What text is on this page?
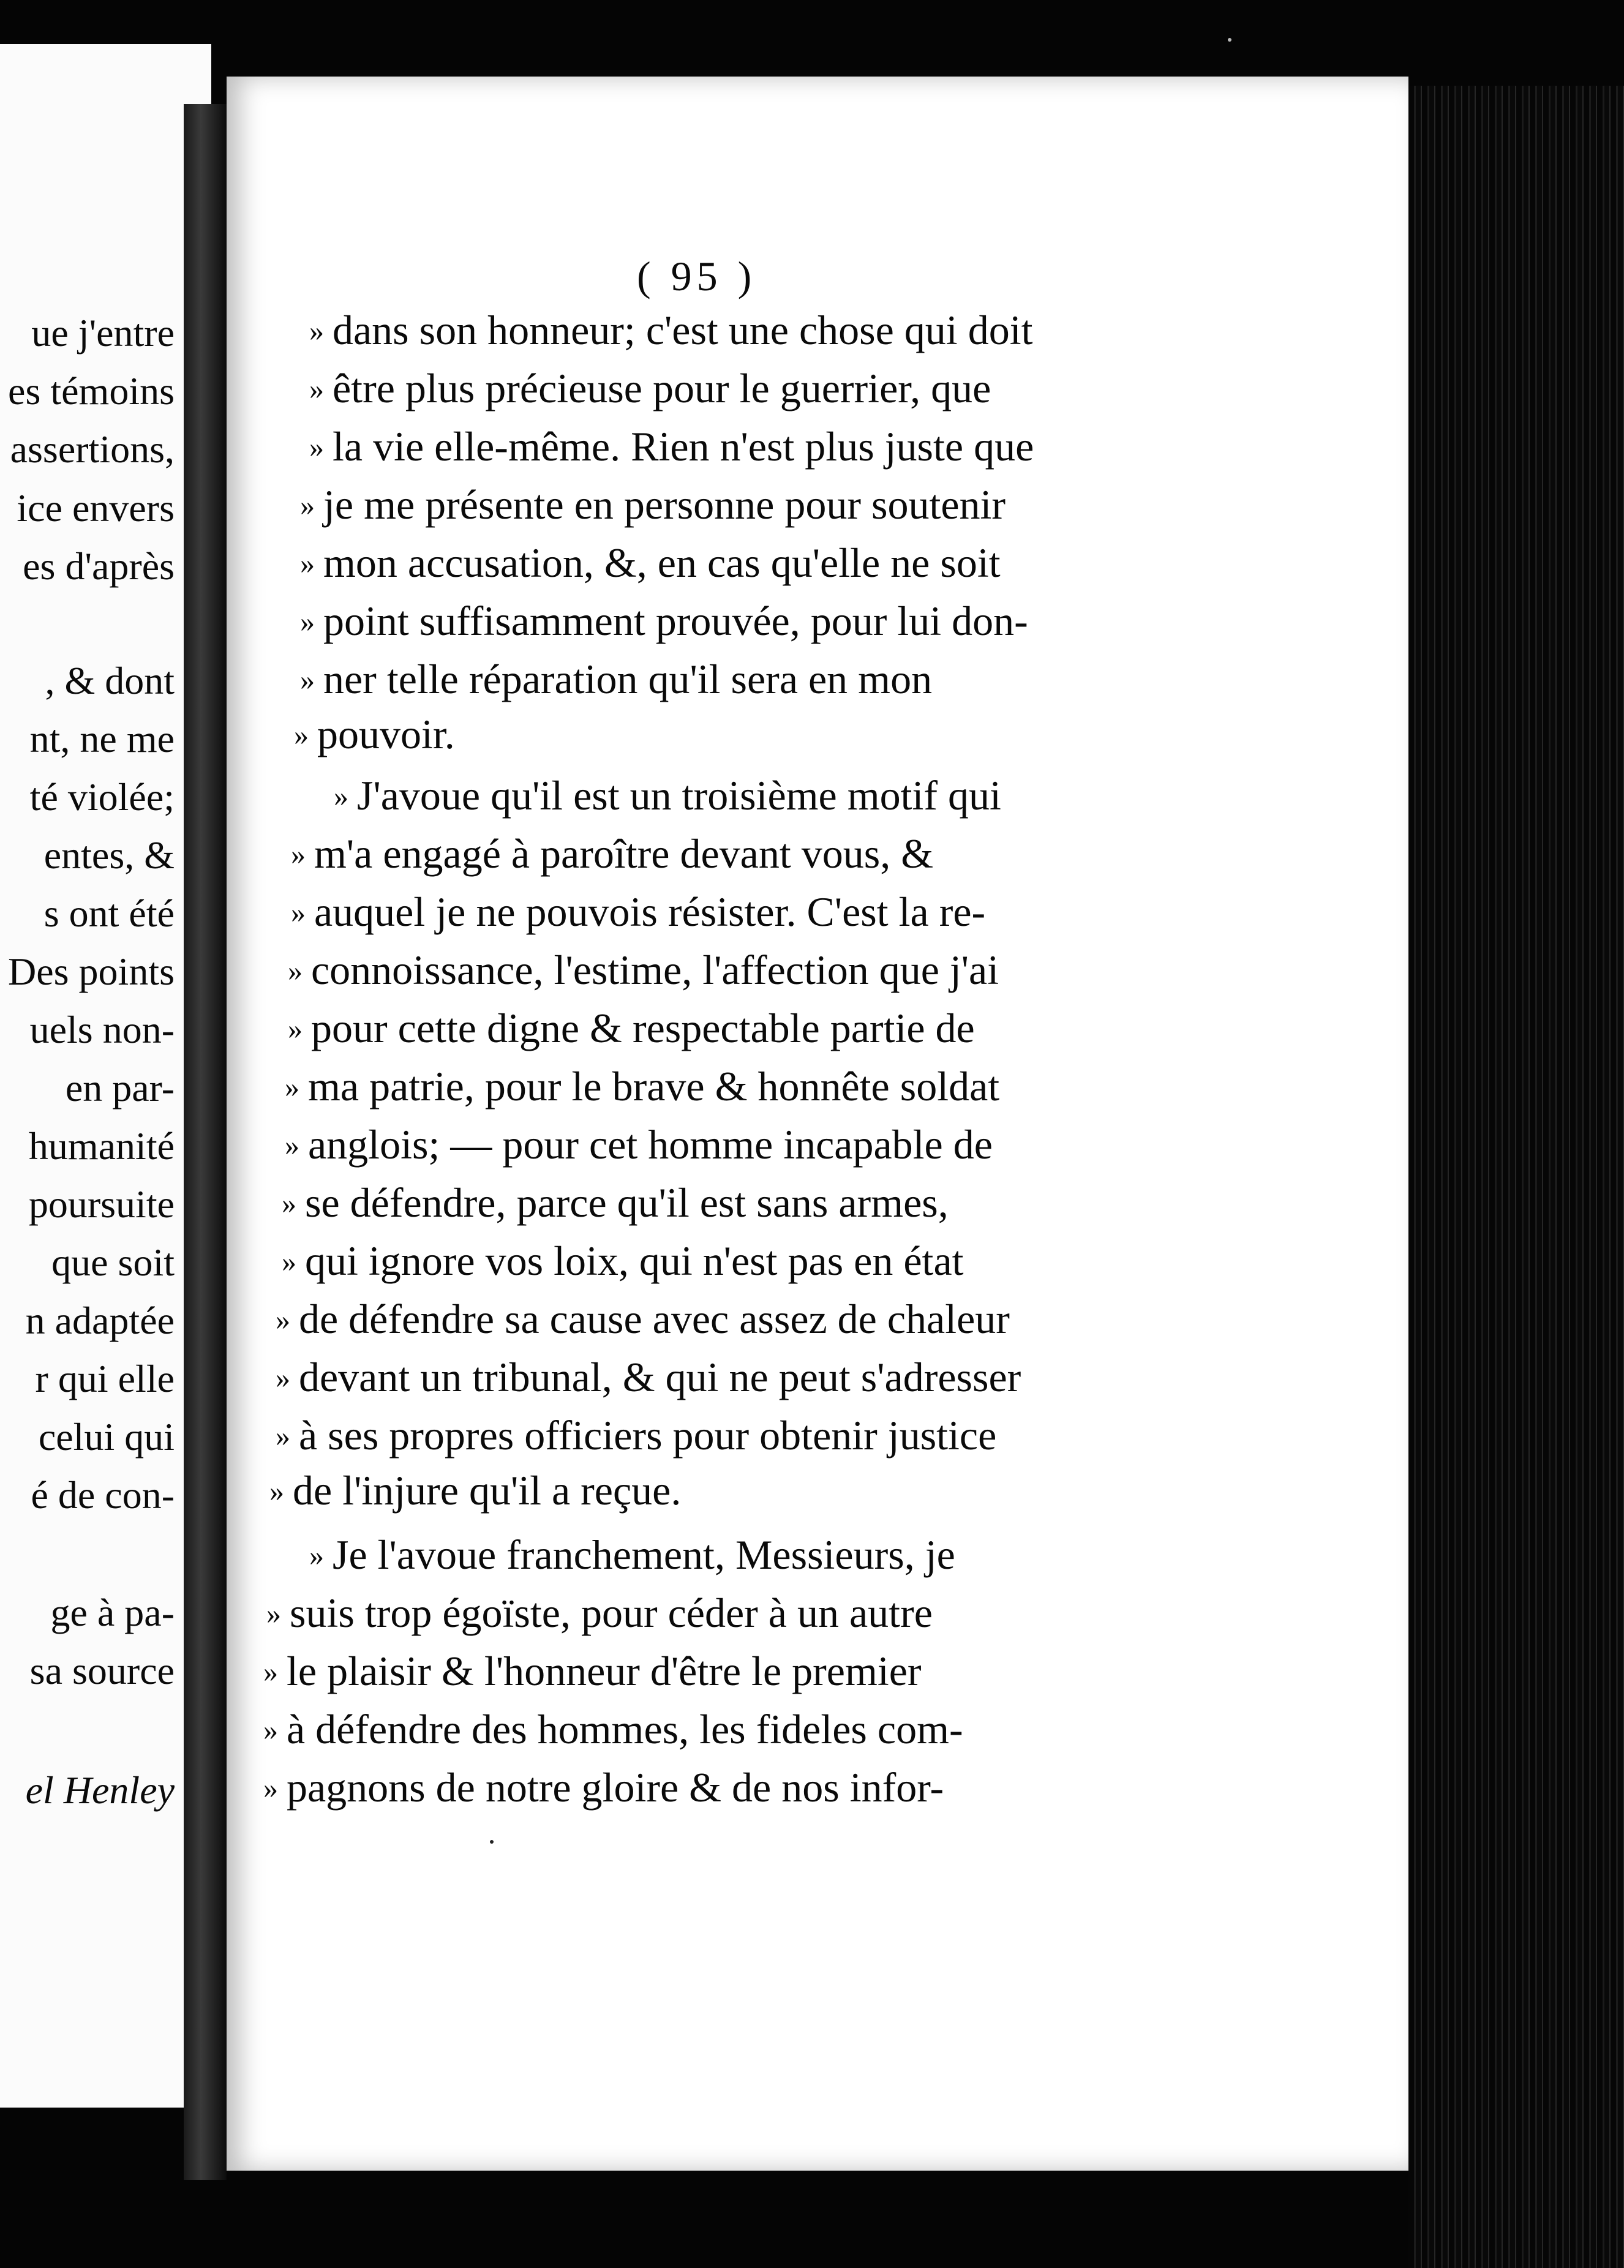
ue j'entre
es témoins
assertions,
ice envers
es d'après
, & dont
nt, ne me
té violée;
entes, &
s ont été
Des points
uels non-
en par-
humanité
poursuite
que soit
n adaptée
r qui elle
celui qui
é de con-
ge à pa-
sa source
el Henley
( 95 )
» dans son honneur; c'est une chose qui doit
» être plus précieuse pour le guerrier, que
» la vie elle-même. Rien n'est plus juste que
» je me présente en personne pour soutenir
» mon accusation, &, en cas qu'elle ne soit
» point suffisamment prouvée, pour lui don-
» ner telle réparation qu'il sera en mon
» pouvoir.
» J'avoue qu'il est un troisième motif qui
» m'a engagé à paroître devant vous, &
» auquel je ne pouvois résister. C'est la re-
» connoissance, l'estime, l'affection que j'ai
» pour cette digne & respectable partie de
» ma patrie, pour le brave & honnête soldat
» anglois; — pour cet homme incapable de
» se défendre, parce qu'il est sans armes,
» qui ignore vos loix, qui n'est pas en état
» de défendre sa cause avec assez de chaleur
» devant un tribunal, & qui ne peut s'adresser
» à ses propres officiers pour obtenir justice
» de l'injure qu'il a reçue.
» Je l'avoue franchement, Messieurs, je
» suis trop égoïste, pour céder à un autre
» le plaisir & l'honneur d'être le premier
» à défendre des hommes, les fideles com-
» pagnons de notre gloire & de nos infor-
